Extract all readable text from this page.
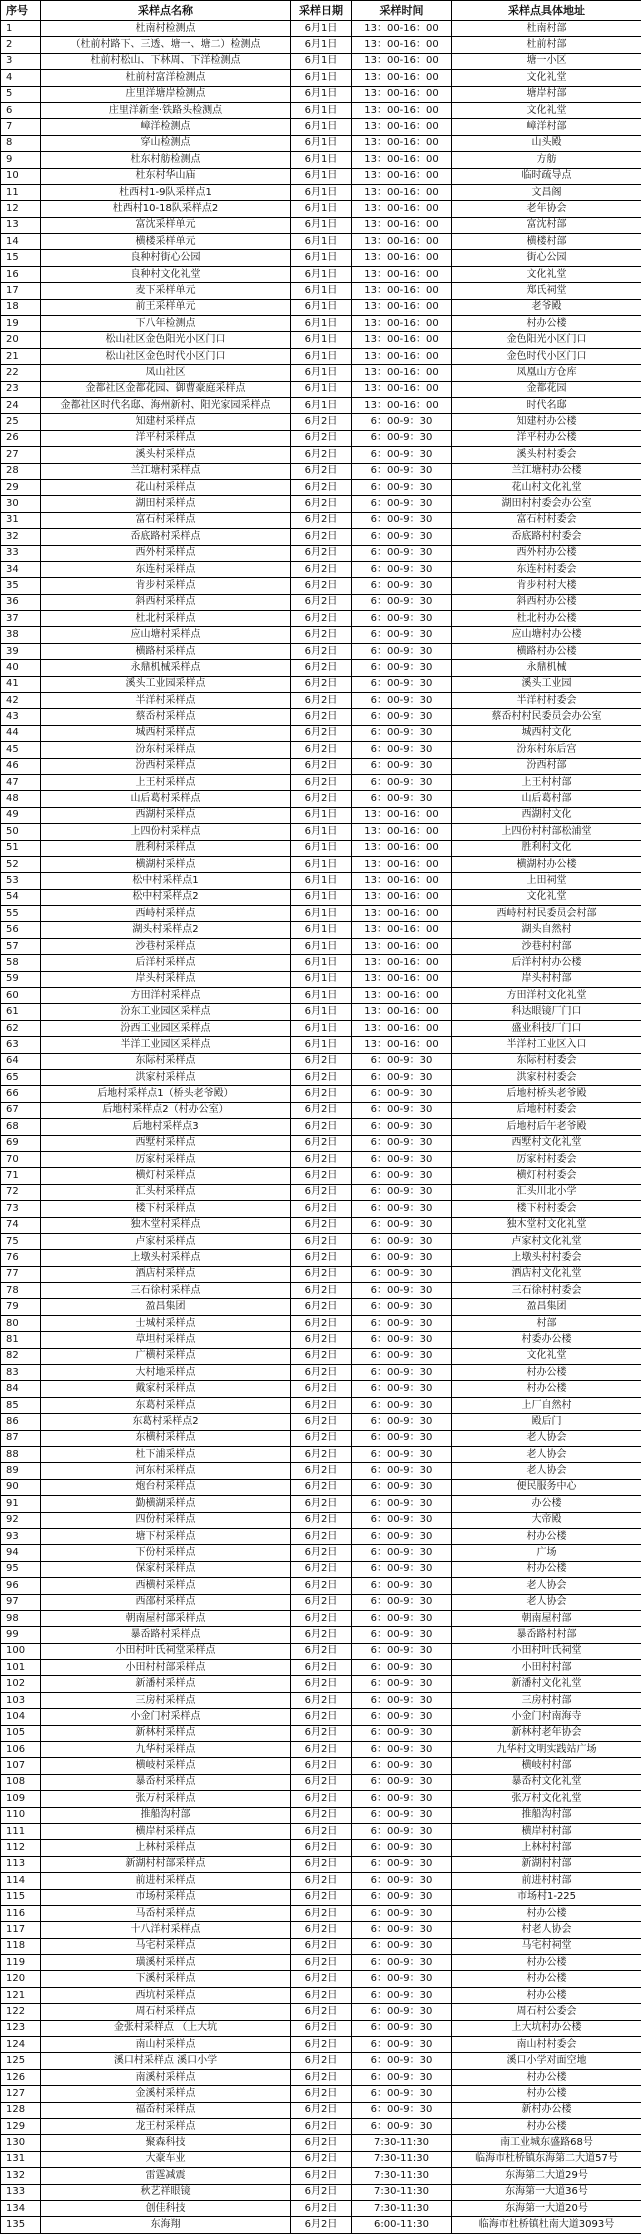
序号	采样点名称	采样日期	采样时间	采样点具体地址
1	杜南村检测点	6月1日	13：00-16：00	杜南村部
2	（杜前村路下、三透、塘一、塘二）检测点	6月1日	13：00-16：00	杜前村部
3	杜前村松山、下林周、下洋检测点	6月1日	13：00-16：00	塘一小区
4	杜前村富洋检测点	6月1日	13：00-16：00	文化礼堂
5	庄里洋塘岸检测点	6月1日	13：00-16：00	塘岸村部
6	庄里洋新奎·铁路头检测点	6月1日	13：00-16：00	文化礼堂
7	嶂洋检测点	6月1日	13：00-16：00	嶂洋村部
8	穿山检测点	6月1日	13：00-16：00	山头殿
9	杜东村舫检测点	6月1日	13：00-16：00	方舫
10	杜东村华山庙	6月1日	13：00-16：00	临时疏导点
11	杜西村1-9队采样点1	6月1日	13：00-16：00	文昌阁
12	杜西村10-18队采样点2	6月1日	13：00-16：00	老年协会
13	富沈采样单元	6月1日	13：00-16：00	富沈村部
14	横楼采样单元	6月1日	13：00-16：00	横楼村部
15	良种村街心公园	6月1日	13：00-16：00	街心公园
16	良种村文化礼堂	6月1日	13：00-16：00	文化礼堂
17	麦下采样单元	6月1日	13：00-16：00	郑氏祠堂
18	前王采样单元	6月1日	13：00-16：00	老爷殿
19	下八年检测点	6月1日	13：00-16：00	村办公楼
20	松山社区金色阳光小区门口	6月1日	13：00-16：00	金色阳光小区门口
21	松山社区金色时代小区门口	6月1日	13：00-16：00	金色时代小区门口
22	凤山社区	6月1日	13：00-16：00	凤凰山方仓库
23	金都社区金都花园、御曹豪庭采样点	6月1日	13：00-16：00	金都花园
24	金都社区时代名邸、海州新村、阳光家园采样点	6月1日	13：00-16：00	时代名邸
25	知建村采样点	6月2日	6：00-9：30	知建村办公楼
26	洋平村采样点	6月2日	6：00-9：30	洋平村办公楼
27	溪头村采样点	6月2日	6：00-9：30	溪头村村委会
28	兰江塘村采样点	6月2日	6：00-9：30	兰江塘村办公楼
29	花山村采样点	6月2日	6：00-9：30	花山村文化礼堂
30	湖田村采样点	6月2日	6：00-9：30	湖田村村委会办公室
31	富石村采样点	6月2日	6：00-9：30	富石村村委会
32	岙底路村采样点	6月2日	6：00-9：30	岙底路村村委会
33	西外村采样点	6月2日	6：00-9：30	西外村办公楼
34	东连村采样点	6月2日	6：00-9：30	东连村村委会
35	肯步村采样点	6月2日	6：00-9：30	肯步村村大楼
36	斜西村采样点	6月2日	6：00-9：30	斜西村办公楼
37	杜北村采样点	6月2日	6：00-9：30	杜北村办公楼
38	应山塘村采样点	6月2日	6：00-9：30	应山塘村办公楼
39	横路村采样点	6月2日	6：00-9：30	横路村办公楼
40	永鼎机械采样点	6月2日	6：00-9：30	永鼎机械
41	溪头工业园采样点	6月2日	6：00-9：30	溪头工业园
42	半洋村采样点	6月2日	6：00-9：30	半洋村村委会
43	蔡岙村采样点	6月2日	6：00-9：30	蔡岙村村民委员会办公室
44	城西村采样点	6月2日	6：00-9：30	城西村文化
45	汾东村采样点	6月2日	6：00-9：30	汾东村东后宫
46	汾西村采样点	6月2日	6：00-9：30	汾西村部
47	上王村采样点	6月2日	6：00-9：30	上王村村部
48	山后葛村采样点	6月2日	6：00-9：30	山后葛村部
49	西湖村采样点	6月1日	13：00-16：00	西湖村文化
50	上四份村采样点	6月1日	13：00-16：00	上四份村村部松浦堂
51	胜利村采样点	6月1日	13：00-16：00	胜利村文化
52	横湖村采样点	6月1日	13：00-16：00	横湖村办公楼
53	松中村采样点1	6月1日	13：00-16：00	上田祠堂
54	松中村采样点2	6月1日	13：00-16：00	文化礼堂
55	西峙村采样点	6月1日	13：00-16：00	西峙村村民委员会村部
56	湖头村采样点2	6月1日	13：00-16：00	湖头自然村
57	沙巷村采样点	6月1日	13：00-16：00	沙巷村村部
58	后洋村采样点	6月1日	13：00-16：00	后洋村村办公楼
59	岸头村采样点	6月1日	13：00-16：00	岸头村村部
60	方田洋村采样点	6月1日	13：00-16：00	方田洋村文化礼堂
61	汾东工业园区采样点	6月1日	13：00-16：00	科达眼镜厂门口
62	汾西工业园区采样点	6月1日	13：00-16：00	盛业科技厂门口
63	半洋工业园区采样点	6月1日	13：00-16：00	半洋村工业区入口
64	东际村采样点	6月2日	6：00-9：30	东际村村委会
65	洪家村采样点	6月2日	6：00-9：30	洪家村村委会
66	后地村采样点1（桥头老爷殿）	6月2日	6：00-9：30	后地村桥头老爷殿
67	后地村采样点2（村办公室）	6月2日	6：00-9：30	后地村村委会
68	后地村采样点3	6月2日	6：00-9：30	后地村后午老爷殿
69	西墅村采样点	6月2日	6：00-9：30	西墅村文化礼堂
70	厉家村采样点	6月2日	6：00-9：30	厉家村村委会
71	横灯村采样点	6月2日	6：00-9：30	横灯村村委会
72	汇头村采样点	6月2日	6：00-9：30	汇头川北小学
73	楼下村采样点	6月2日	6：00-9：30	楼下村村委会
74	独木堂村采样点	6月2日	6：00-9：30	独木堂村文化礼堂
75	卢家村采样点	6月2日	6：00-9：30	卢家村文化礼堂
76	上墩头村采样点	6月2日	6：00-9：30	上墩头村村委会
77	酒店村采样点	6月2日	6：00-9：30	酒店村文化礼堂
78	三石徐村采样点	6月2日	6：00-9：30	三石徐村村委会
79	盈昌集团	6月2日	6：00-9：30	盈昌集团
80	士城村采样点	6月2日	6：00-9：30	村部
81	草坦村采样点	6月2日	6：00-9：30	村委办公楼
82	广横村采样点	6月2日	6：00-9：30	文化礼堂
83	大村地采样点	6月2日	6：00-9：30	村办公楼
84	戴家村采样点	6月2日	6：00-9：30	村办公楼
85	东葛村采样点	6月2日	6：00-9：30	上厂自然村
86	东葛村采样点2	6月2日	6：00-9：30	殿后门
87	东横村采样点	6月2日	6：00-9：30	老人协会
88	杜下浦采样点	6月2日	6：00-9：30	老人协会
89	河东村采样点	6月2日	6：00-9：30	老人协会
90	炮台村采样点	6月2日	6：00-9：30	便民服务中心
91	勤横湖采样点	6月2日	6：00-9：30	办公楼
92	四份村采样点	6月2日	6：00-9：30	大帝殿
93	塘下村采样点	6月2日	6：00-9：30	村办公楼
94	下份村采样点	6月2日	6：00-9：30	广场
95	保家村采样点	6月2日	6：00-9：30	村办公楼
96	西横村采样点	6月2日	6：00-9：30	老人协会
97	西邵村采样点	6月2日	6：00-9：30	老人协会
98	朝南屋村部采样点	6月2日	6：00-9：30	朝南屋村部
99	暴岙路村采样点	6月2日	6：00-9：30	暴岙路村村部
100	小田村叶氏祠堂采样点	6月2日	6：00-9：30	小田村叶氏祠堂
101	小田村村部采样点	6月2日	6：00-9：30	小田村村部
102	新潘村采样点	6月2日	6：00-9：30	新潘村文化礼堂
103	三房村采样点	6月2日	6：00-9：30	三房村村部
104	小金门村采样点	6月2日	6：00-9：30	小金门村南海寺
105	新林村采样点	6月2日	6：00-9：30	新林村老年协会
106	九华村采样点	6月2日	6：00-9：30	九华村文明实践站广场
107	横岐村采样点	6月2日	6：00-9：30	横岐村村部
108	暴岙村采样点	6月2日	6：00-9：30	暴岙村文化礼堂
109	张万村采样点	6月2日	6：00-9：30	张万村文化礼堂
110	推船沟村部	6月2日	6：00-9：30	推船沟村部
111	横岸村采样点	6月2日	6：00-9：30	横岸村村部
112	上林村采样点	6月2日	6：00-9：30	上林村村部
113	新湖村村部采样点	6月2日	6：00-9：30	新湖村村部
114	前进村采样点	6月2日	6：00-9：30	前进村村部
115	市场村采样点	6月2日	6：00-9：30	市场村1-225
116	马岙村采样点	6月2日	6：00-9：30	村办公楼
117	十八洋村采样点	6月2日	6：00-9：30	村老人协会
118	马宅村采样点	6月2日	6：00-9：30	马宅村祠堂
119	璜溪村采样点	6月2日	6：00-9：30	村办公楼
120	下溪村采样点	6月2日	6：00-9：30	村办公楼
121	西坑村采样点	6月2日	6：00-9：30	村办公楼
122	周石村采样点	6月2日	6：00-9：30	周石村公委会
123	金张村采样点 （上大坑	6月2日	6：00-9：30	上大坑村办公楼
124	南山村采样点	6月2日	6：00-9：30	南山村村委会
125	溪口村采样点 溪口小学	6月2日	6：00-9：30	溪口小学对面空地
126	南溪村采样点	6月2日	6：00-9：30	村办公楼
127	金溪村采样点	6月2日	6：00-9：30	村办公楼
128	福岙村采样点	6月2日	6：00-9：30	新村办公楼
129	龙王村采样点	6月2日	6：00-9：30	村办公楼
130	聚森科技	6月2日	7:30-11:30	南工业城东盛路68号
131	大豪车业	6月2日	7:30-11:30	临海市杜桥镇东海第二大道57号
132	雷霆减震	6月2日	7:30-11:30	东海第二大道29号
133	秋艺祥眼镜	6月2日	7:30-11:30	东海第一大道36号
134	创佳科技	6月2日	7:30-11:30	东海第一大道20号
135	东海翔	6月2日	6:00-11:30	临海市杜桥镇杜南大道3093号
